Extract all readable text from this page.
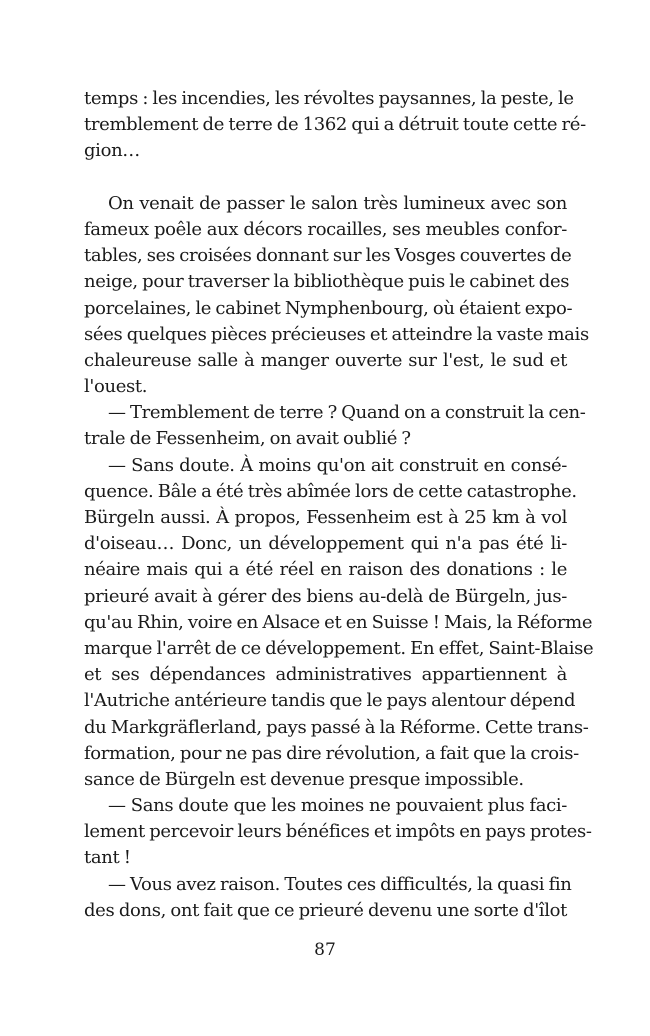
temps : les incendies, les révoltes paysannes, la peste, le
tremblement de terre de 1362 qui a détruit toute cette ré-
gion…
On venait de passer le salon très lumineux avec son
fameux poêle aux décors rocailles, ses meubles confor-
tables, ses croisées donnant sur les Vosges couvertes de
neige, pour traverser la bibliothèque puis le cabinet des
porcelaines, le cabinet Nymphenbourg, où étaient expo-
sées quelques pièces précieuses et atteindre la vaste mais
chaleureuse salle à manger ouverte sur l'est, le sud et
l'ouest.
— Tremblement de terre ? Quand on a construit la cen-
trale de Fessenheim, on avait oublié ?
— Sans doute. À moins qu'on ait construit en consé-
quence. Bâle a été très abîmée lors de cette catastrophe.
Bürgeln aussi. À propos, Fessenheim est à 25 km à vol
d'oiseau… Donc, un développement qui n'a pas été li-
néaire mais qui a été réel en raison des donations : le
prieuré avait à gérer des biens au-delà de Bürgeln, jus-
qu'au Rhin, voire en Alsace et en Suisse ! Mais, la Réforme
marque l'arrêt de ce développement. En effet, Saint-Blaise
et ses dépendances administratives appartiennent à
l'Autriche antérieure tandis que le pays alentour dépend
du Markgräflerland, pays passé à la Réforme. Cette trans-
formation, pour ne pas dire révolution, a fait que la crois-
sance de Bürgeln est devenue presque impossible.
— Sans doute que les moines ne pouvaient plus faci-
lement percevoir leurs bénéfices et impôts en pays protes-
tant !
— Vous avez raison. Toutes ces difficultés, la quasi fin
des dons, ont fait que ce prieuré devenu une sorte d'îlot
87
